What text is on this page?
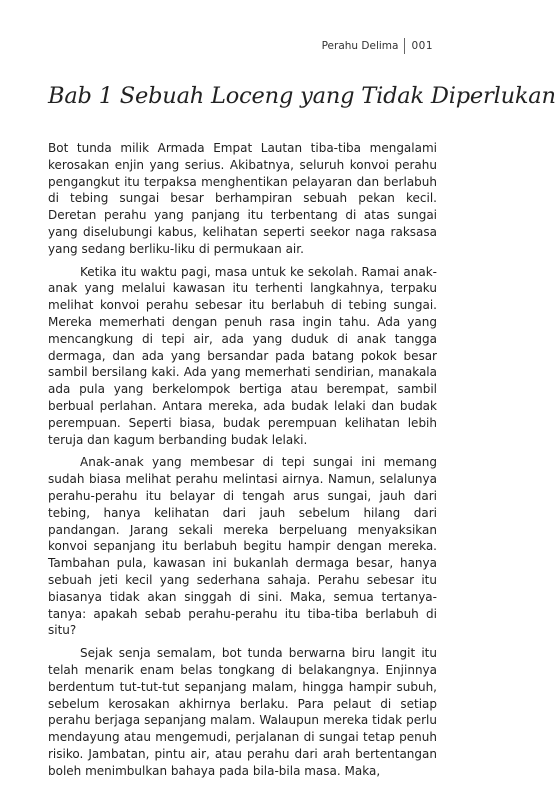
Perahu Delima	001
Bab 1 Sebuah Loceng yang Tidak Diperlukan

Bot tunda milik Armada Empat Lautan tiba-tiba mengalami kerosakan enjin yang serius. Akibatnya, seluruh konvoi perahu pengangkut itu terpaksa menghentikan pelayaran dan berlabuh di tebing sungai besar berhampiran sebuah pekan kecil. Deretan perahu yang panjang itu terbentang di atas sungai yang diselubungi kabus, kelihatan seperti seekor naga raksasa yang sedang berliku-liku di permukaan air.

Ketika itu waktu pagi, masa untuk ke sekolah. Ramai anak-anak yang melalui kawasan itu terhenti langkahnya, terpaku melihat konvoi perahu sebesar itu berlabuh di tebing sungai. Mereka memerhati dengan penuh rasa ingin tahu. Ada yang mencangkung di tepi air, ada yang duduk di anak tangga dermaga, dan ada yang bersandar pada batang pokok besar sambil bersilang kaki. Ada yang memerhati sendirian, manakala ada pula yang berkelompok bertiga atau berempat, sambil berbual perlahan. Antara mereka, ada budak lelaki dan budak perempuan. Seperti biasa, budak perempuan kelihatan lebih teruja dan kagum berbanding budak lelaki.

Anak-anak yang membesar di tepi sungai ini memang sudah biasa melihat perahu melintasi airnya. Namun, selalunya perahu-perahu itu belayar di tengah arus sungai, jauh dari tebing, hanya kelihatan dari jauh sebelum hilang dari pandangan. Jarang sekali mereka berpeluang menyaksikan konvoi sepanjang itu berlabuh begitu hampir dengan mereka. Tambahan pula, kawasan ini bukanlah dermaga besar, hanya sebuah jeti kecil yang sederhana sahaja. Perahu sebesar itu biasanya tidak akan singgah di sini. Maka, semua tertanya-tanya: apakah sebab perahu-perahu itu tiba-tiba berlabuh di situ?

Sejak senja semalam, bot tunda berwarna biru langit itu telah menarik enam belas tongkang di belakangnya. Enjinnya berdentum tut-tut-tut sepanjang malam, hingga hampir subuh, sebelum kerosakan akhirnya berlaku. Para pelaut di setiap perahu berjaga sepanjang malam. Walaupun mereka tidak perlu mendayung atau mengemudi, perjalanan di sungai tetap penuh risiko. Jambatan, pintu air, atau perahu dari arah bertentangan boleh menimbulkan bahaya pada bila-bila masa. Maka,
